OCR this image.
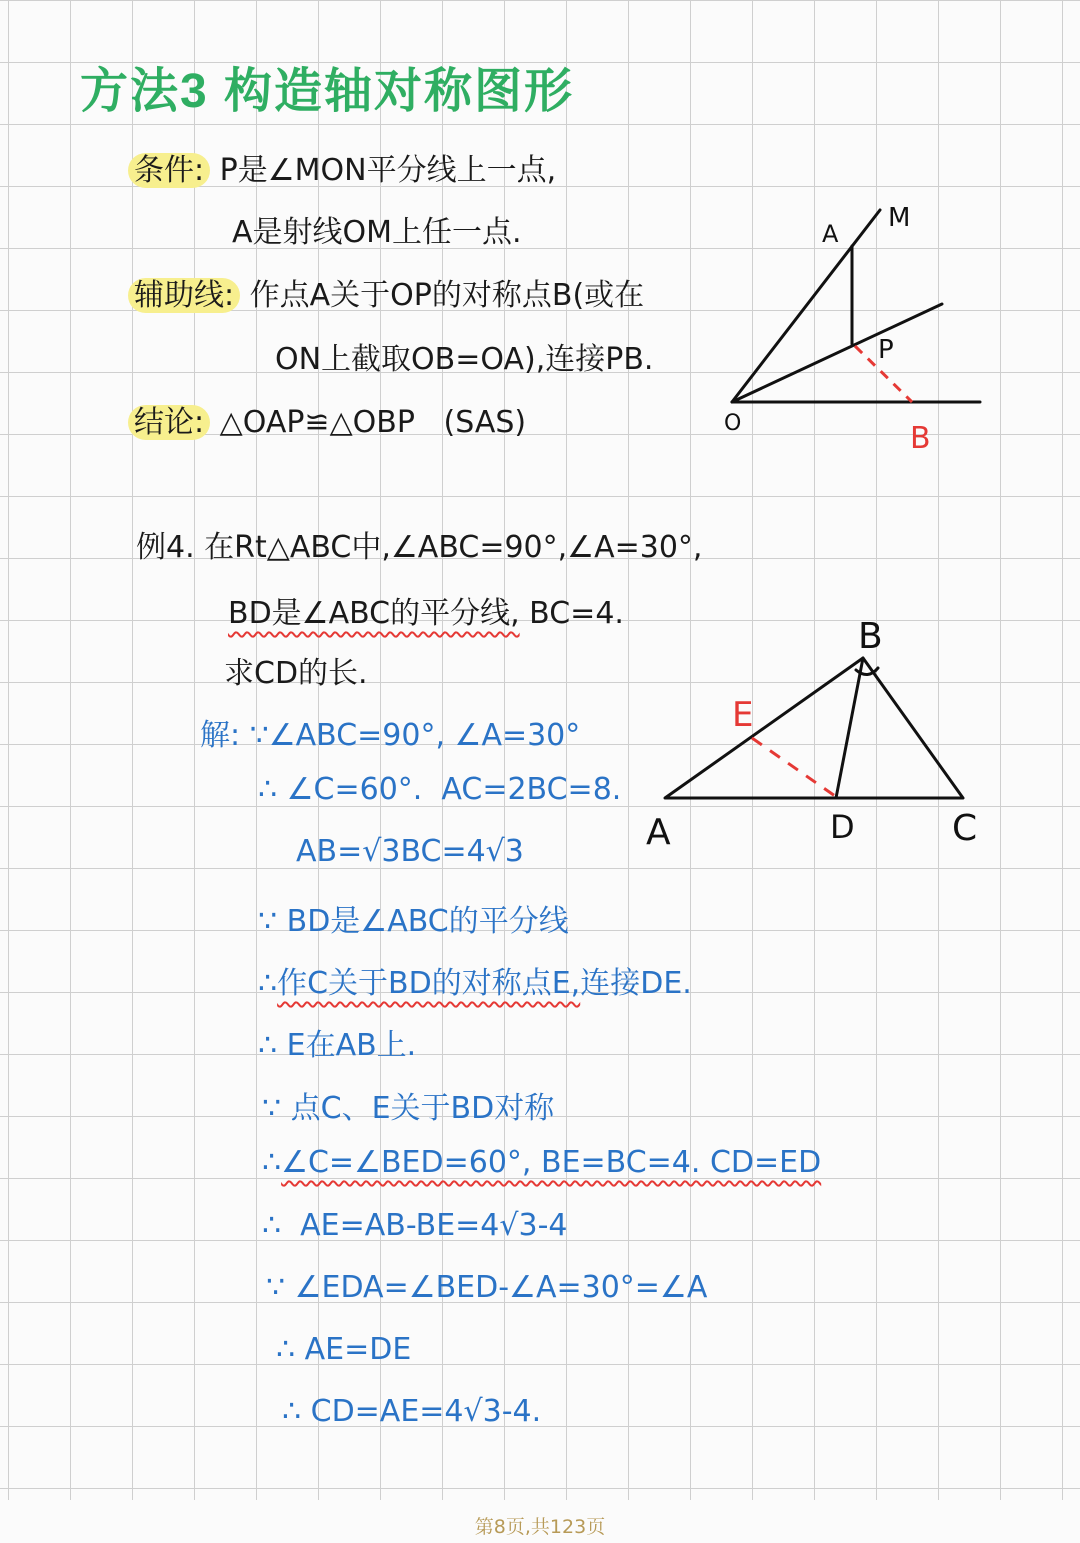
方法3 构造轴对称图形
条件: P是∠MON平分线上一点,
A是射线OM上任一点.
辅助线: 作点A关于OP的对称点B(或在
ON上截取OB=OA),连接PB.
结论: △OAP≌△OBP   (SAS)
A
M
P
O	B
例4. 在Rt△ABC中,∠ABC=90°,∠A=30°,
BD是∠ABC的平分线, BC=4.
求CD的长.
B
A	D	C
E
解: ∵∠ABC=90°, ∠A=30°
∴ ∠C=60°.  AC=2BC=8.
AB=√3BC=4√3
∵ BD是∠ABC的平分线
∴作C关于BD的对称点E,连接DE.
∴ E在AB上.
∵ 点C、E关于BD对称
∴∠C=∠BED=60°, BE=BC=4. CD=ED
∴  AE=AB-BE=4√3-4
∵ ∠EDA=∠BED-∠A=30°=∠A
∴ AE=DE
∴ CD=AE=4√3-4.
第8页,共123页
